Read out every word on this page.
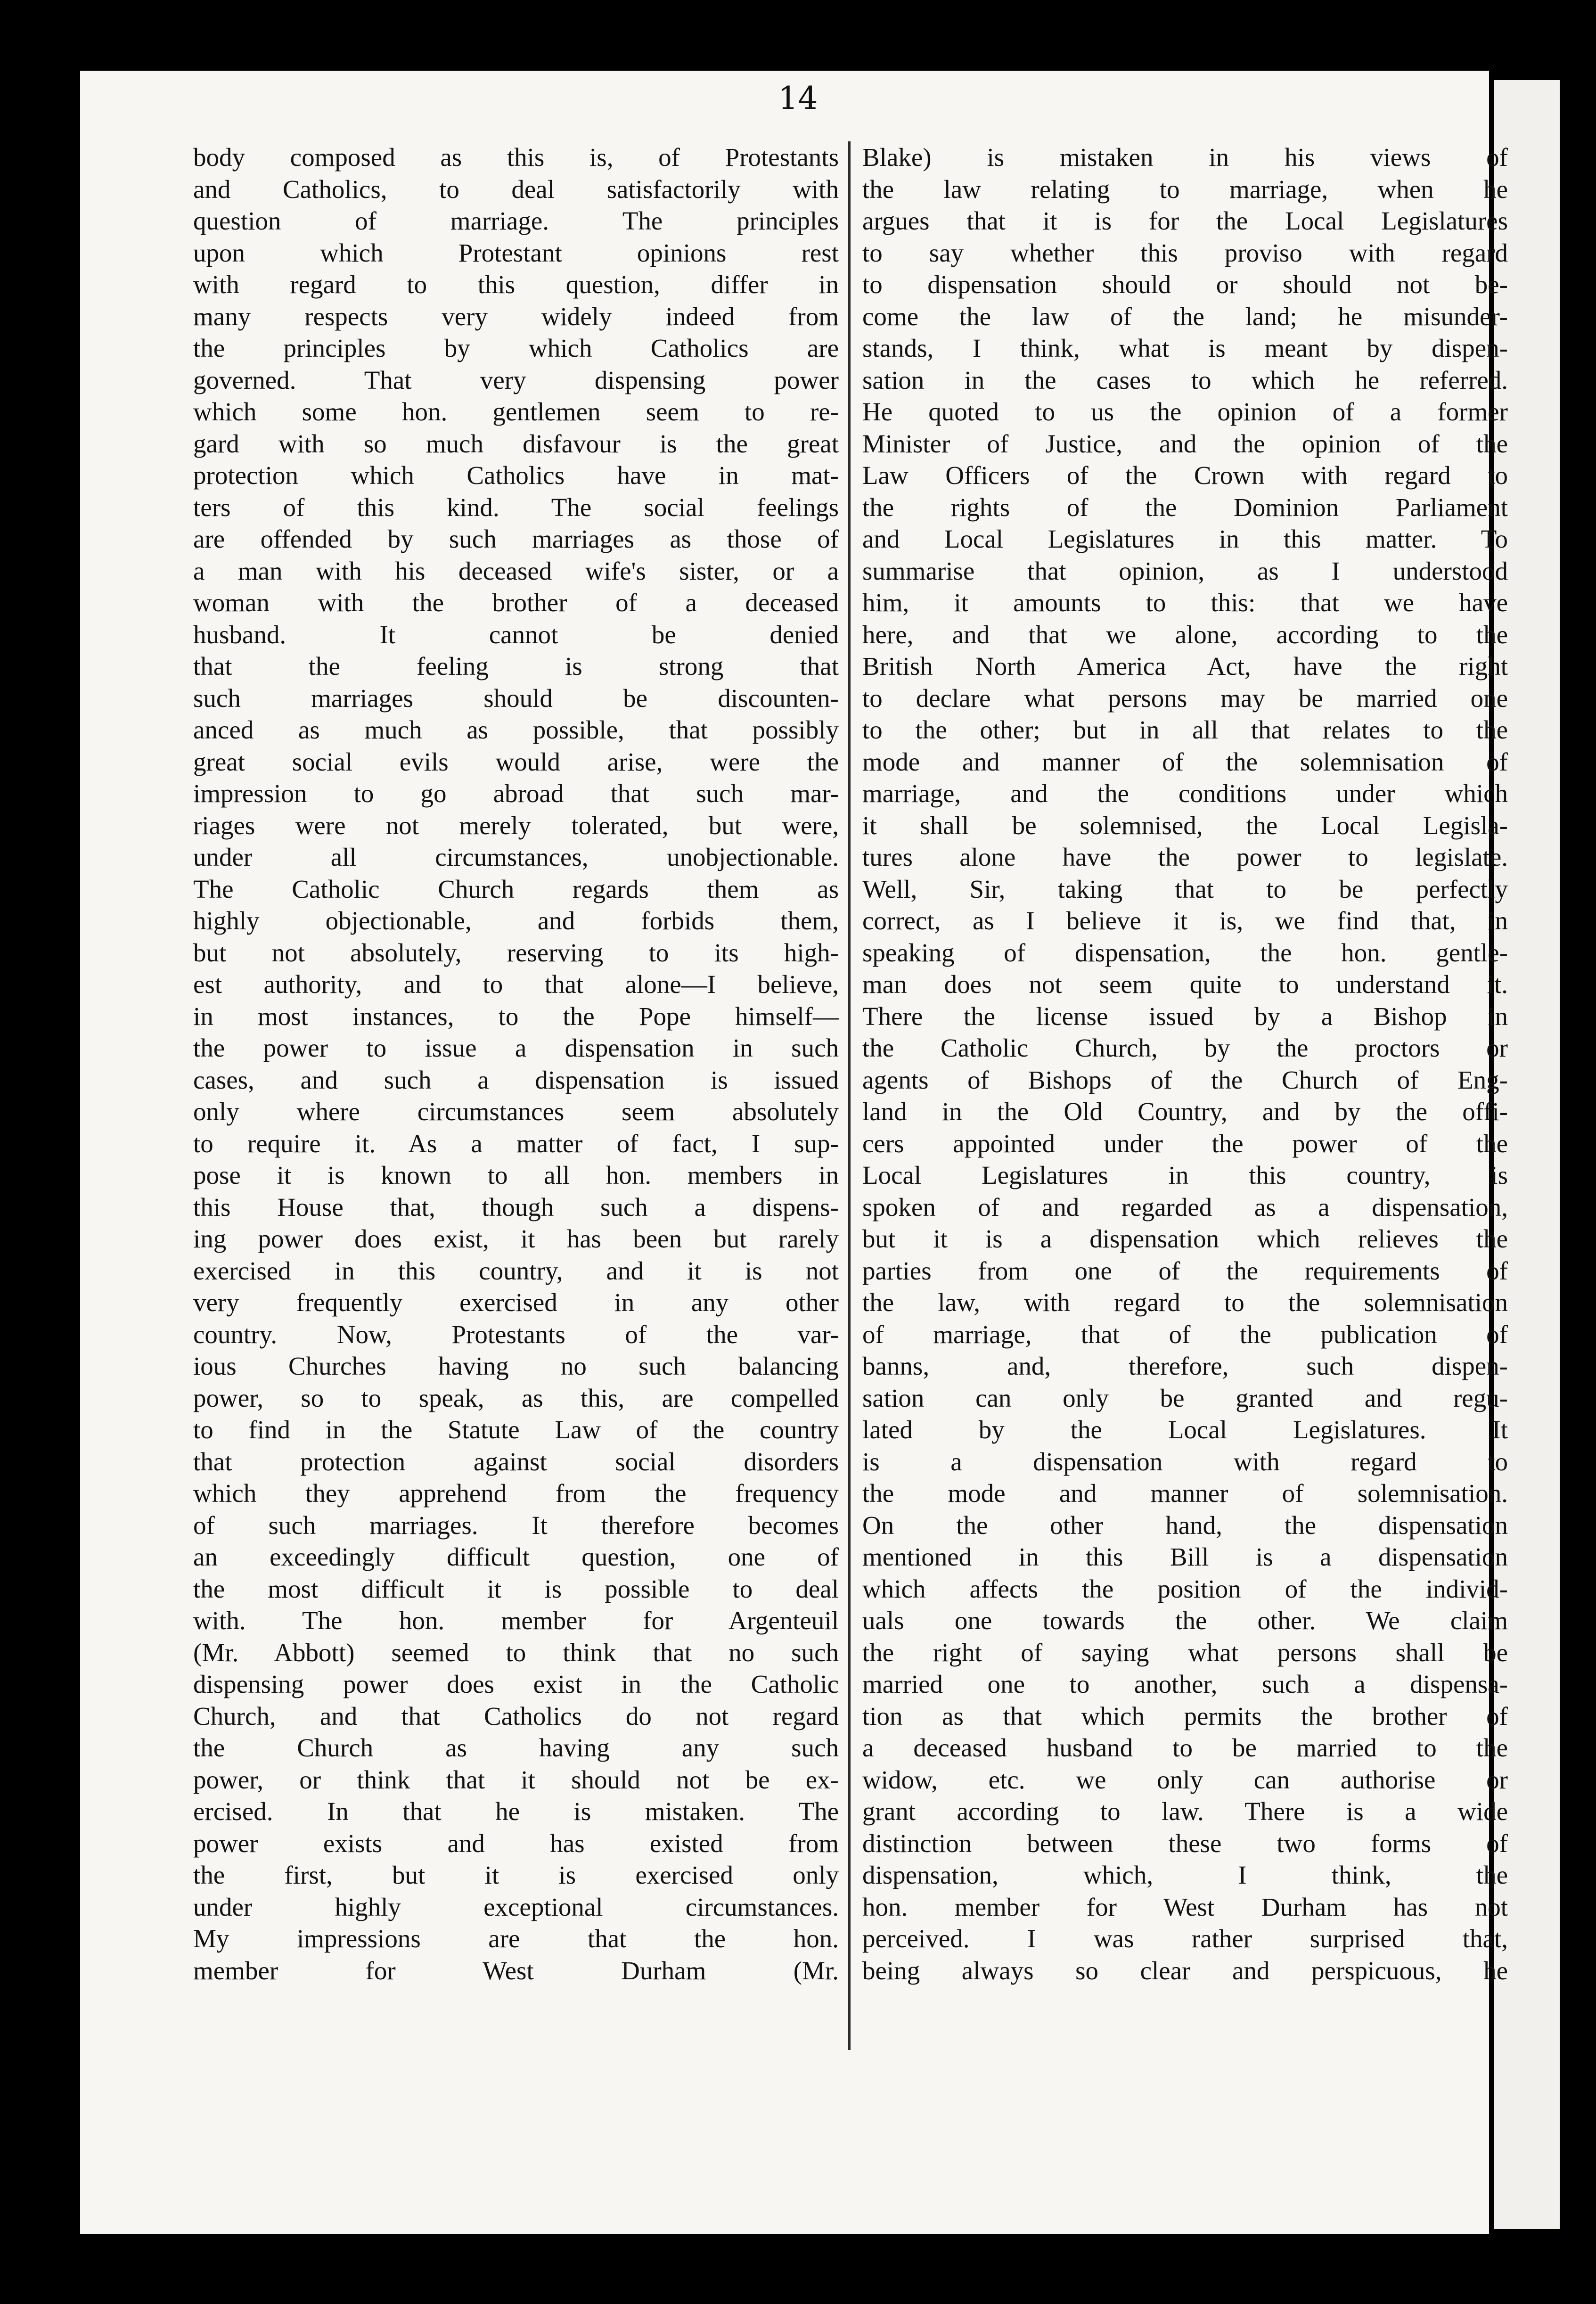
14
body composed as this is, of Protestants
and Catholics, to deal satisfactorily with
question of marriage. The principles
upon which Protestant opinions rest
with regard to this question, differ in
many respects very widely indeed from
the principles by which Catholics are
governed. That very dispensing power
which some hon. gentlemen seem to re-
gard with so much disfavour is the great
protection which Catholics have in mat-
ters of this kind. The social feelings
are offended by such marriages as those of
a man with his deceased wife's sister, or a
woman with the brother of a deceased
husband. It cannot be denied
that the feeling is strong that
such marriages should be discounten-
anced as much as possible, that possibly
great social evils would arise, were the
impression to go abroad that such mar-
riages were not merely tolerated, but were,
under all circumstances, unobjectionable.
The Catholic Church regards them as
highly objectionable, and forbids them,
but not absolutely, reserving to its high-
est authority, and to that alone—I believe,
in most instances, to the Pope himself—
the power to issue a dispensation in such
cases, and such a dispensation is issued
only where circumstances seem absolutely
to require it. As a matter of fact, I sup-
pose it is known to all hon. members in
this House that, though such a dispens-
ing power does exist, it has been but rarely
exercised in this country, and it is not
very frequently exercised in any other
country. Now, Protestants of the var-
ious Churches having no such balancing
power, so to speak, as this, are compelled
to find in the Statute Law of the country
that protection against social disorders
which they apprehend from the frequency
of such marriages. It therefore becomes
an exceedingly difficult question, one of
the most difficult it is possible to deal
with. The hon. member for Argenteuil
(Mr. Abbott) seemed to think that no such
dispensing power does exist in the Catholic
Church, and that Catholics do not regard
the Church as having any such
power, or think that it should not be ex-
ercised. In that he is mistaken. The
power exists and has existed from
the first, but it is exercised only
under highly exceptional circumstances.
My impressions are that the hon.
member for West Durham (Mr.
Blake) is mistaken in his views of
the law relating to marriage, when he
argues that it is for the Local Legislatures
to say whether this proviso with regard
to dispensation should or should not be-
come the law of the land; he misunder-
stands, I think, what is meant by dispen-
sation in the cases to which he referred.
He quoted to us the opinion of a former
Minister of Justice, and the opinion of the
Law Officers of the Crown with regard to
the rights of the Dominion Parliament
and Local Legislatures in this matter. To
summarise that opinion, as I understood
him, it amounts to this: that we have
here, and that we alone, according to the
British North America Act, have the right
to declare what persons may be married one
to the other; but in all that relates to the
mode and manner of the solemnisation of
marriage, and the conditions under which
it shall be solemnised, the Local Legisla-
tures alone have the power to legislate.
Well, Sir, taking that to be perfectly
correct, as I believe it is, we find that, in
speaking of dispensation, the hon. gentle-
man does not seem quite to understand it.
There the license issued by a Bishop in
the Catholic Church, by the proctors or
agents of Bishops of the Church of Eng-
land in the Old Country, and by the offi-
cers appointed under the power of the
Local Legislatures in this country, is
spoken of and regarded as a dispensation,
but it is a dispensation which relieves the
parties from one of the requirements of
the law, with regard to the solemnisation
of marriage, that of the publication of
banns, and, therefore, such dispen-
sation can only be granted and regu-
lated by the Local Legislatures. It
is a dispensation with regard to
the mode and manner of solemnisation.
On the other hand, the dispensation
mentioned in this Bill is a dispensation
which affects the position of the individ-
uals one towards the other. We claim
the right of saying what persons shall be
married one to another, such a dispensa-
tion as that which permits the brother of
a deceased husband to be married to the
widow, etc. we only can authorise or
grant according to law. There is a wide
distinction between these two forms of
dispensation, which, I think, the
hon. member for West Durham has not
perceived. I was rather surprised that,
being always so clear and perspicuous, he
